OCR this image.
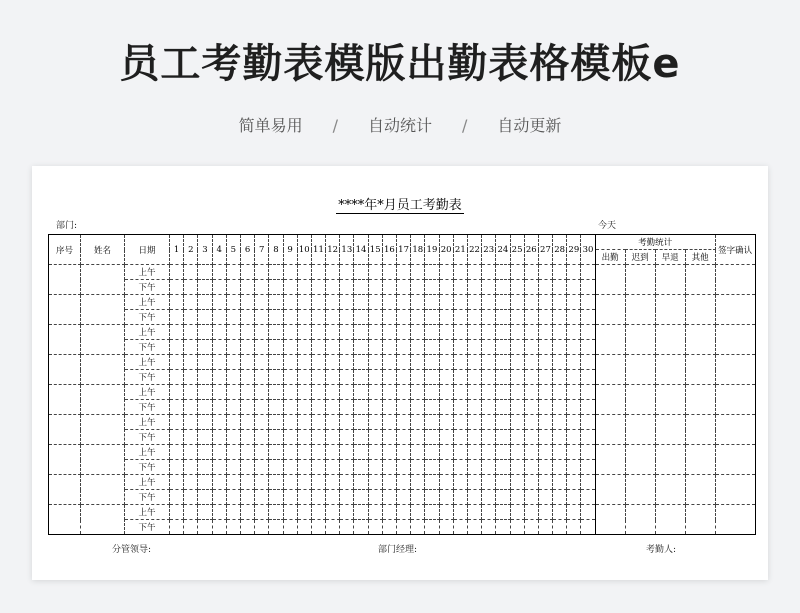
员工考勤表模版出勤表格模板e
简单易用 / 自动统计 / 自动更新
****年*月员工考勤表
部门:	今天
序号	姓名	日期	1	2	3	4	5	6	7	8	9	10	11	12	13	14	15	16	17	18	19	20	21	22	23	24	25	26	27	28	29	30	考勤统计				签字确认
																																	出勤	迟到	早退	其他	
		上午																																			
		下午																																			
		上午																																			
		下午																																			
		上午																																			
		下午																																			
		上午																																			
		下午																																			
		上午																																			
		下午																																			
		上午																																			
		下午																																			
		上午																																			
		下午																																			
		上午																																			
		下午																																			
		上午																																			
		下午																																			
分管领导:	部门经理:	考勤人:
